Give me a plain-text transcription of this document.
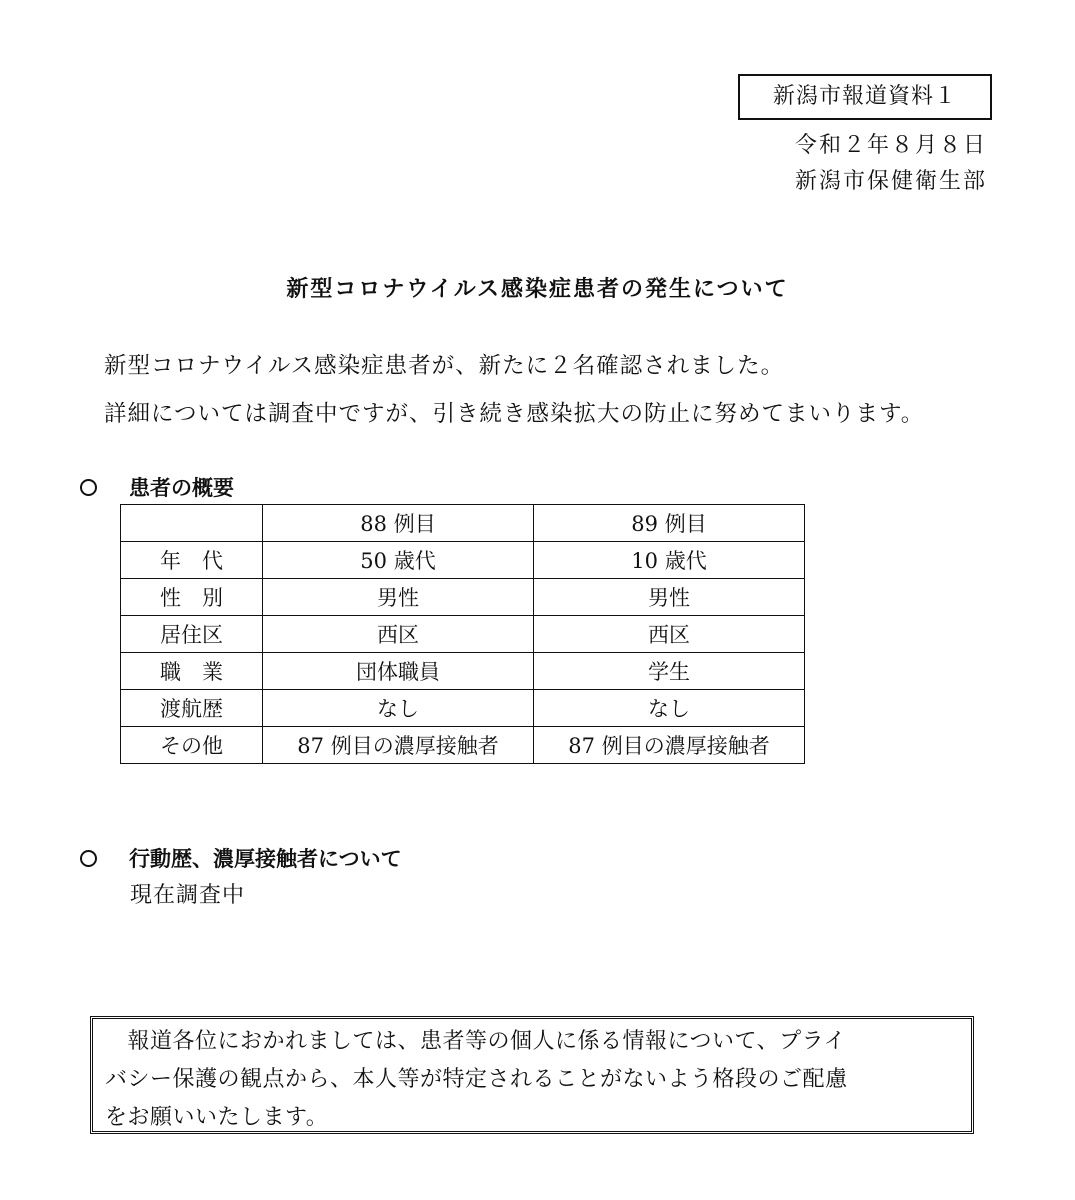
新潟市報道資料１
令和２年８月８日
新潟市保健衛生部
新型コロナウイルス感染症患者の発生について
新型コロナウイルス感染症患者が、新たに２名確認されました。
詳細については調査中ですが、引き続き感染拡大の防止に努めてまいります。
患者の概要
	88 例目	89 例目
年　代	50 歳代	10 歳代
性　別	男性	男性
居住区	西区	西区
職　業	団体職員	学生
渡航歴	なし	なし
その他	87 例目の濃厚接触者	87 例目の濃厚接触者
行動歴、濃厚接触者について
現在調査中
　報道各位におかれましては、患者等の個人に係る情報について、プライ
バシー保護の観点から、本人等が特定されることがないよう格段のご配慮
をお願いいたします。
